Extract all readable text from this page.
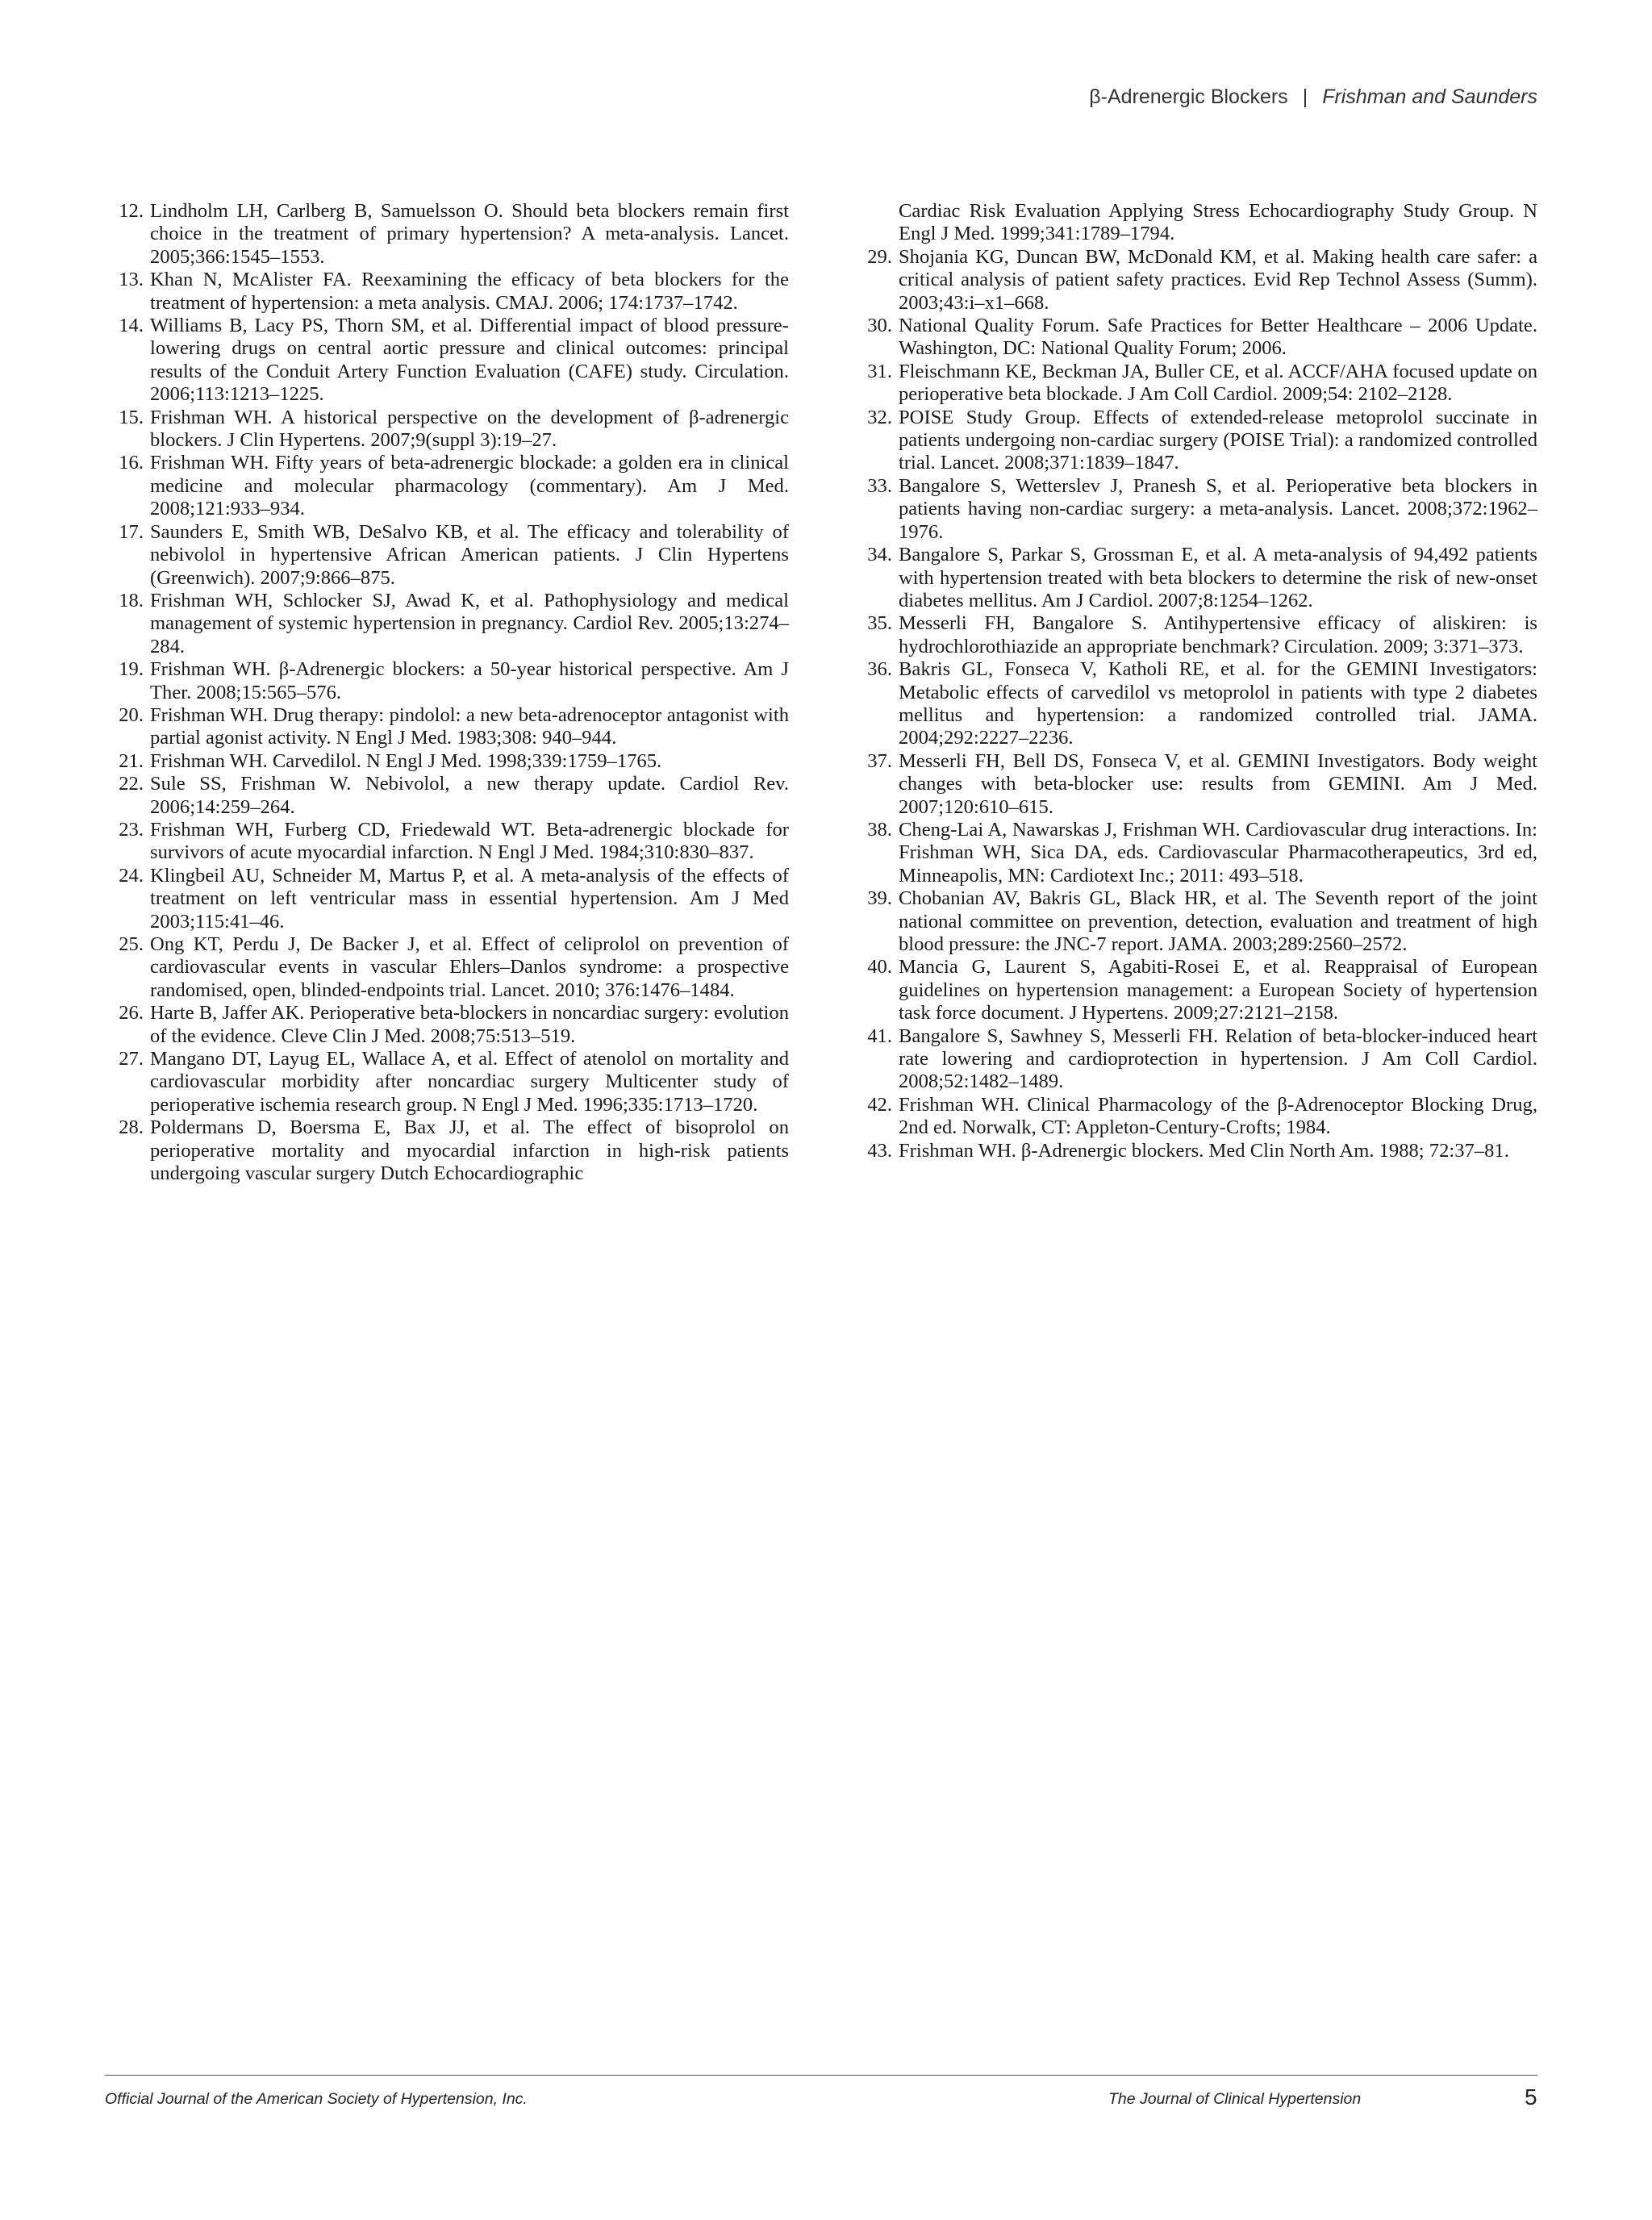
β-Adrenergic Blockers | Frishman and Saunders

12 . Lindholm LH, Carlberg B, Samuelsson O. Should beta blockers remain first choice in the treatment of primary hypertension? A meta-analysis. Lancet. 2005;366:1545–1553.

13 . Khan N, McAlister FA. Reexamining the efficacy of beta blockers for the treatment of hypertension: a meta analysis. CMAJ. 2006; 174:1737–1742.

14 . Williams B, Lacy PS, Thorn SM, et al. Differential impact of blood pressure-lowering drugs on central aortic pressure and clinical outcomes: principal results of the Conduit Artery Function Evaluation (CAFE) study. Circulation. 2006;113:1213–1225.

15 . Frishman WH. A historical perspective on the development of β-adrenergic blockers. J Clin Hypertens. 2007;9(suppl 3):19–27.

16 . Frishman WH. Fifty years of beta-adrenergic blockade: a golden era in clinical medicine and molecular pharmacology (commentary). Am J Med. 2008;121:933–934.

17 . Saunders E, Smith WB, DeSalvo KB, et al. The efficacy and tolerability of nebivolol in hypertensive African American patients. J Clin Hypertens (Greenwich). 2007;9:866–875.

18 . Frishman WH, Schlocker SJ, Awad K, et al. Pathophysiology and medical management of systemic hypertension in pregnancy. Cardiol Rev. 2005;13:274–284.

19 . Frishman WH. β-Adrenergic blockers: a 50-year historical perspective. Am J Ther. 2008;15:565–576.

20 . Frishman WH. Drug therapy: pindolol: a new beta-adrenoceptor antagonist with partial agonist activity. N Engl J Med. 1983;308: 940–944.

21 . Frishman WH. Carvedilol. N Engl J Med. 1998;339:1759–1765.

22 . Sule SS, Frishman W. Nebivolol, a new therapy update. Cardiol Rev. 2006;14:259–264.

23 . Frishman WH, Furberg CD, Friedewald WT. Beta-adrenergic blockade for survivors of acute myocardial infarction. N Engl J Med. 1984;310:830–837.

24 . Klingbeil AU, Schneider M, Martus P, et al. A meta-analysis of the effects of treatment on left ventricular mass in essential hypertension. Am J Med 2003;115:41–46.

25 . Ong KT, Perdu J, De Backer J, et al. Effect of celiprolol on prevention of cardiovascular events in vascular Ehlers–Danlos syndrome: a prospective randomised, open, blinded-endpoints trial. Lancet. 2010; 376:1476–1484.

26 . Harte B, Jaffer AK. Perioperative beta-blockers in noncardiac surgery: evolution of the evidence. Cleve Clin J Med. 2008;75:513–519.

27 . Mangano DT, Layug EL, Wallace A, et al. Effect of atenolol on mortality and cardiovascular morbidity after noncardiac surgery Multicenter study of perioperative ischemia research group. N Engl J Med. 1996;335:1713–1720.

28 . Poldermans D, Boersma E, Bax JJ, et al. The effect of bisoprolol on perioperative mortality and myocardial infarction in high-risk patients undergoing vascular surgery Dutch Echocardiographic

Cardiac Risk Evaluation Applying Stress Echocardiography Study Group. N Engl J Med. 1999;341:1789–1794.

29 . Shojania KG, Duncan BW, McDonald KM, et al. Making health care safer: a critical analysis of patient safety practices. Evid Rep Technol Assess (Summ). 2003;43:i–x1–668.

30 . National Quality Forum. Safe Practices for Better Healthcare – 2006 Update. Washington, DC: National Quality Forum; 2006.

31 . Fleischmann KE, Beckman JA, Buller CE, et al. ACCF/AHA focused update on perioperative beta blockade. J Am Coll Cardiol. 2009;54: 2102–2128.

32 . POISE Study Group. Effects of extended-release metoprolol succinate in patients undergoing non-cardiac surgery (POISE Trial): a randomized controlled trial. Lancet. 2008;371:1839–1847.

33 . Bangalore S, Wetterslev J, Pranesh S, et al. Perioperative beta blockers in patients having non-cardiac surgery: a meta-analysis. Lancet. 2008;372:1962–1976.

34 . Bangalore S, Parkar S, Grossman E, et al. A meta-analysis of 94,492 patients with hypertension treated with beta blockers to determine the risk of new-onset diabetes mellitus. Am J Cardiol. 2007;8:1254–1262.

35 . Messerli FH, Bangalore S. Antihypertensive efficacy of aliskiren: is hydrochlorothiazide an appropriate benchmark? Circulation. 2009; 3:371–373.

36 . Bakris GL, Fonseca V, Katholi RE, et al. for the GEMINI Investigators: Metabolic effects of carvedilol vs metoprolol in patients with type 2 diabetes mellitus and hypertension: a randomized controlled trial. JAMA. 2004;292:2227–2236.

37 . Messerli FH, Bell DS, Fonseca V, et al. GEMINI Investigators. Body weight changes with beta-blocker use: results from GEMINI. Am J Med. 2007;120:610–615.

38 . Cheng-Lai A, Nawarskas J, Frishman WH. Cardiovascular drug interactions. In: Frishman WH, Sica DA, eds. Cardiovascular Pharmacotherapeutics, 3rd ed, Minneapolis, MN: Cardiotext Inc.; 2011: 493–518.

39 . Chobanian AV, Bakris GL, Black HR, et al. The Seventh report of the joint national committee on prevention, detection, evaluation and treatment of high blood pressure: the JNC-7 report. JAMA. 2003;289:2560–2572.

40 . Mancia G, Laurent S, Agabiti-Rosei E, et al. Reappraisal of European guidelines on hypertension management: a European Society of hypertension task force document. J Hypertens. 2009;27:2121–2158.

41 . Bangalore S, Sawhney S, Messerli FH. Relation of beta-blocker-induced heart rate lowering and cardioprotection in hypertension. J Am Coll Cardiol. 2008;52:1482–1489.

42 . Frishman WH. Clinical Pharmacology of the β-Adrenoceptor Blocking Drug, 2nd ed. Norwalk, CT: Appleton-Century-Crofts; 1984.

43 . Frishman WH. β-Adrenergic blockers. Med Clin North Am. 1988; 72:37–81.

Official Journal of the American Society of Hypertension, Inc.	The Journal of Clinical Hypertension	5
